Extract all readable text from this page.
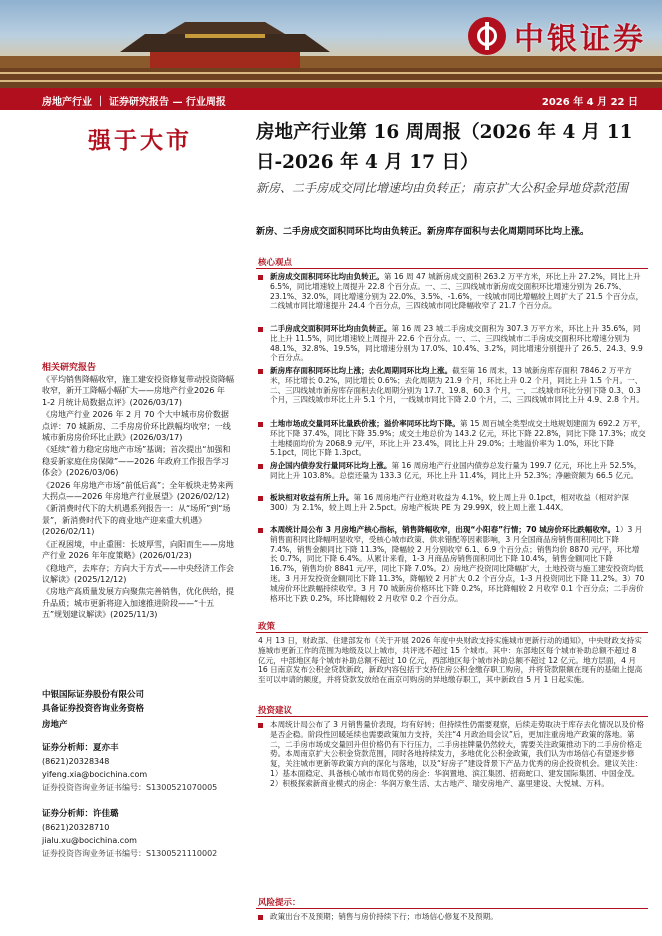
中银证券
房地产行业 ｜ 证券研究报告 — 行业周报	2026 年 4 月 22 日
强于大市
相关研究报告
《平均销售降幅收窄，施工建安投资修复带动投资降幅收窄，新开工降幅小幅扩大——房地产行业2026 年 1-2 月统计局数据点评》(2026/03/17)
《房地产行业 2026 年 2 月 70 个大中城市房价数据点评：70 城新房、二手房房价环比跌幅均收窄；一线城市新房房价环比止跌》(2026/03/17)
《延续“着力稳定房地产市场”基调；首次提出“加强和稳妥新家庭住房保障”——2026 年政府工作报告学习体会》(2026/03/06)
《2026 年房地产市场“前低后高”；全年板块走势来两大拐点——2026 年房地产行业展望》(2026/02/12)
《新消费时代下的大机遇系列报告一：从“场所”到“场景”，新消费时代下的商业地产迎来重大机遇》(2026/02/11)
《正视困境，中止重围：长坡厚雪，向阳而生——房地产行业 2026 年年度策略》(2026/01/23)
《稳地产，去库存；方向大于方式——中央经济工作会议解读》(2025/12/12)
《房地产高质量发展方向聚焦完善销售，优化供给，提升品质；城市更新将迎入加速推进阶段——“十五五”规划建议解读》(2025/11/3)
中银国际证券股份有限公司
具备证券投资咨询业务资格
房地产
证券分析师：夏亦丰
(8621)20328348
yifeng.xia@bocichina.com
证券投资咨询业务证书编号：S1300521070005
证券分析师：许佳璐
(8621)20328710
jialu.xu@bocichina.com
证券投资咨询业务证书编号：S1300521110002
房地产行业第 16 周周报（2026 年 4 月 11 日-2026 年 4 月 17 日）
新房、二手房成交同比增速均由负转正；南京扩大公积金异地贷款范围
新房、二手房成交面积同环比均由负转正。新房库存面积与去化周期同环比均上涨。
核心观点
新房成交面积同环比均由负转正。第 16 周 47 城新房成交面积 263.2 万平方米，环比上升 27.2%，同比上升 6.5%，同比增速较上周提升 22.8 个百分点。一、二、三四线城市新房成交面积环比增速分别为 26.7%、23.1%、32.0%，同比增速分别为 22.0%、3.5%、-1.6%，一线城市同比增幅较上周扩大了 21.5 个百分点，二线城市同比增速提升 24.4 个百分点，三四线城市同比降幅收窄了 21.7 个百分点。
二手房成交面积同环比均由负转正。第 16 周 23 城二手房成交面积为 307.3 万平方米，环比上升 35.6%，同比上升 11.5%，同比增速较上周提升 22.6 个百分点。一、二、三四线城市二手房成交面积环比增速分别为 48.1%、32.8%、19.5%，同比增速分别为 17.0%、10.4%、3.2%，同比增速分别提升了 26.5、24.3、9.9 个百分点。
新房库存面积同环比均上涨；去化周期同环比均上涨。截至第 16 周末，13 城新房库存面积 7846.2 万平方米，环比增长 0.2%，同比增长 0.6%；去化周期为 21.9 个月，环比上升 0.2 个月，同比上升 1.5 个月。一、二、三四线城市新房库存面积去化周期分别为 17.7、19.8、60.3 个月，一、二线城市环比分别下降 0.3、0.3 个月，三四线城市环比上升 5.1 个月，一线城市同比下降 2.0 个月，二、三四线城市同比上升 4.9、2.8 个月。
土地市场成交量同环比量跌价涨；溢价率同环比均下降。第 15 周百城全类型成交土地规划建面为 692.2 万平，环比下降 37.4%，同比下降 35.9%；成交土地总价为 143.2 亿元，环比下降 22.8%，同比下降 17.3%；成交土地楼面均价为 2068.9 元/平，环比上升 23.4%，同比上升 29.0%；土地溢价率为 1.0%，环比下降 5.1pct，同比下降 1.3pct。
房企国内债券发行量同环比均上涨。第 16 周房地产行业国内债券总发行量为 199.7 亿元，环比上升 52.5%，同比上升 103.8%。总偿还量为 133.3 亿元，环比上升 11.4%，同比上升 52.3%；净融资额为 66.5 亿元。
板块相对收益有所上升。第 16 周房地产行业绝对收益为 4.1%，较上周上升 0.1pct，相对收益（相对沪深 300）为 2.1%，较上周上升 2.5pct。房地产板块 PE 为 29.99X，较上周上涨 1.44X。
本周统计局公布 3 月房地产核心指标，销售降幅收窄，出现“小阳春”行情；70 城房价环比跌幅收窄。1）3 月销售面积同比降幅明显收窄，受核心城市政策、供求错配等因素影响，3 月全国商品房销售面积同比下降 7.4%，销售金额同比下降 11.3%，降幅较 2 月分别收窄 6.1、6.9 个百分点；销售均价 8870 元/平，环比增长 0.7%，同比下降 6.4%。从累计来看，1-3 月商品房销售面积同比下降 10.4%，销售金额同比下降 16.7%，销售均价 8841 元/平，同比下降 7.0%。2）房地产投资同比降幅扩大，土地投资与施工建安投资均低迷。3 月开发投资金额同比下降 11.3%，降幅较 2 月扩大 0.2 个百分点，1-3 月投资同比下降 11.2%。3）70 城房价环比跌幅持续收窄。3 月 70 城新房价格环比下降 0.2%，环比降幅较 2 月收窄 0.1 个百分点；二手房价格环比下跌 0.2%，环比降幅较 2 月收窄 0.2 个百分点。
政策
4 月 13 日，财政部、住建部发布《关于开展 2026 年度中央财政支持实施城市更新行动的通知》，中央财政支持实施城市更新工作的范围为地级及以上城市，共评选不超过 15 个城市。其中：东部地区每个城市补助总额不超过 8 亿元，中部地区每个城市补助总额不超过 10 亿元，西部地区每个城市补助总额不超过 12 亿元。地方层面，4 月 16 日南京发布公积金贷款新政，新政内容包括于支持住房公积金缴存职工购房，并将贷款限额在现有的基础上提高至可以申请的额度，并将贷款发放给在南京可购房的异地缴存职工，其中新政自 5 月 1 日起实施。
投资建议
本周统计局公布了 3 月销售量价表现，均有好转；但持续性仍需要观察，后续走势取决于库存去化情况以及价格是否企稳。阶段性回暖延续也需要政策加力支持，关注“4 月政治局会议”后，更加注重房地产政策的落地。第二，二手房市场成交量回升但价格仍有下行压力，二手房挂牌量仍然较大，需要关注政策推动下的二手房价格走势。本周南京扩大公积金贷款范围，同时各地持续发力，多地优化公积金政策，我们认为市场信心有望逐步修复，关注城市更新等政策方向的深化与落地，以及“好房子”建设背景下产品力优秀的房企投资机会。建议关注：1）基本面稳定、具备核心城市布局优势的房企：华润置地、滨江集团、招商蛇口、建发国际集团、中国金茂。2）积极探索新商业模式的房企：华润万象生活、太古地产、瑞安房地产、嘉里建设、大悦城、万科。
风险提示：
政策出台不及预期；销售与房价持续下行；市场信心修复不及预期。
